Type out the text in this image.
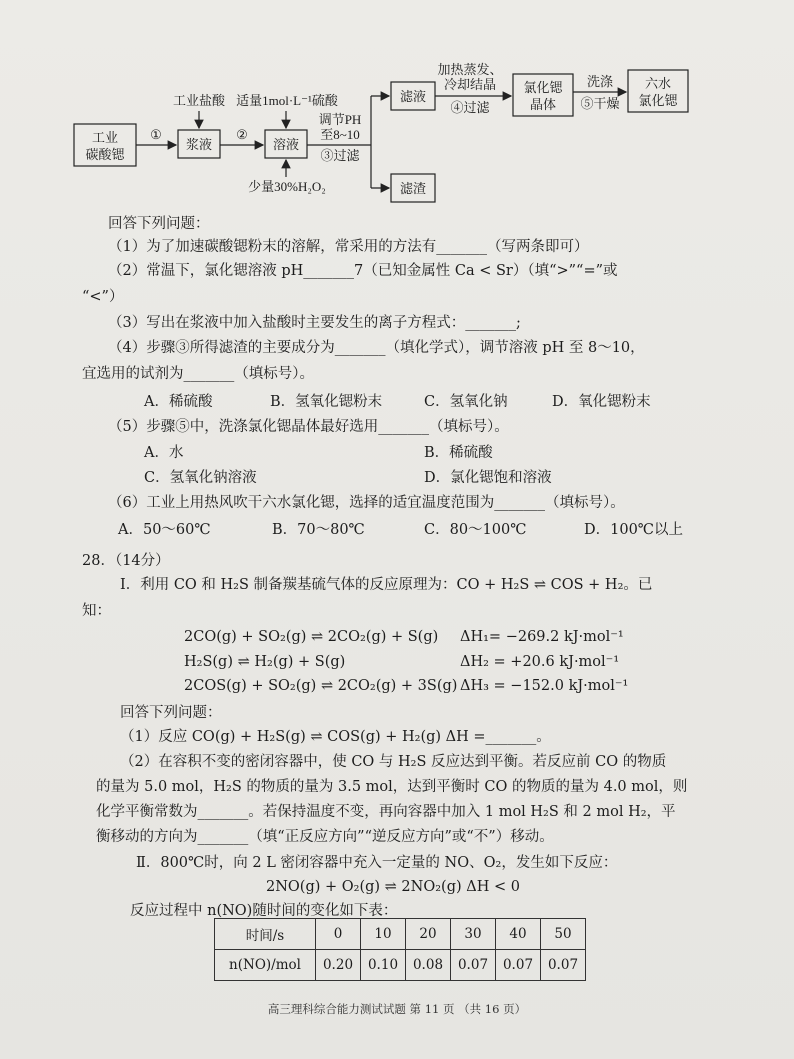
工业
碳酸锶
浆液	溶液
滤液
滤渣
氯化锶
晶体
六水
氯化锶
①	②
工业盐酸 适量1mol·L⁻¹硫酸
少量30%H₂O₂
调节PH
至8~10
③过滤
加热蒸发、
冷却结晶
④过滤
洗涤
⑤干燥
回答下列问题：
（1）为了加速碳酸锶粉末的溶解，常采用的方法有_______（写两条即可）
（2）常温下，氯化锶溶液 pH_______7（已知金属性 Ca < Sr）（填“>”“=”或
“<”）
（3）写出在浆液中加入盐酸时主要发生的离子方程式：_______;
（4）步骤③所得滤渣的主要成分为_______（填化学式），调节溶液 pH 至 8～10，
宜选用的试剂为_______（填标号）。
A．稀硫酸	B．氢氧化锶粉末	C．氢氧化钠	D．氧化锶粉末
（5）步骤⑤中，洗涤氯化锶晶体最好选用_______（填标号）。
A．水	B．稀硫酸
C．氢氧化钠溶液	D．氯化锶饱和溶液
（6）工业上用热风吹干六水氯化锶，选择的适宜温度范围为_______（填标号）。
A．50～60℃	B．70～80℃	C．80～100℃	D．100℃以上
28．（14分）
Ⅰ．利用 CO 和 H₂S 制备羰基硫气体的反应原理为：CO + H₂S ⇌ COS + H₂。已
知：
2CO(g) + SO₂(g) ⇌ 2CO₂(g) + S(g) ΔH₁= −269.2 kJ·mol⁻¹
H₂S(g) ⇌ H₂(g) + S(g)	ΔH₂ = +20.6 kJ·mol⁻¹
2COS(g) + SO₂(g) ⇌ 2CO₂(g) + 3S(g) ΔH₃ = −152.0 kJ·mol⁻¹
回答下列问题：
（1）反应 CO(g) + H₂S(g) ⇌ COS(g) + H₂(g) ΔH =_______。
（2）在容积不变的密闭容器中，使 CO 与 H₂S 反应达到平衡。若反应前 CO 的物质
的量为 5.0 mol，H₂S 的物质的量为 3.5 mol，达到平衡时 CO 的物质的量为 4.0 mol，则
化学平衡常数为_______。若保持温度不变，再向容器中加入 1 mol H₂S 和 2 mol H₂，平
衡移动的方向为_______（填“正反应方向”“逆反应方向”或“不”）移动。
Ⅱ．800℃时，向 2 L 密闭容器中充入一定量的 NO、O₂，发生如下反应：
2NO(g) + O₂(g) ⇌ 2NO₂(g) ΔH < 0
反应过程中 n(NO)随时间的变化如下表：
时间/s	0	10	20	30	40	50
n(NO)/mol	0.20	0.10	0.08	0.07	0.07	0.07
高三理科综合能力测试试题 第 11 页 （共 16 页）
